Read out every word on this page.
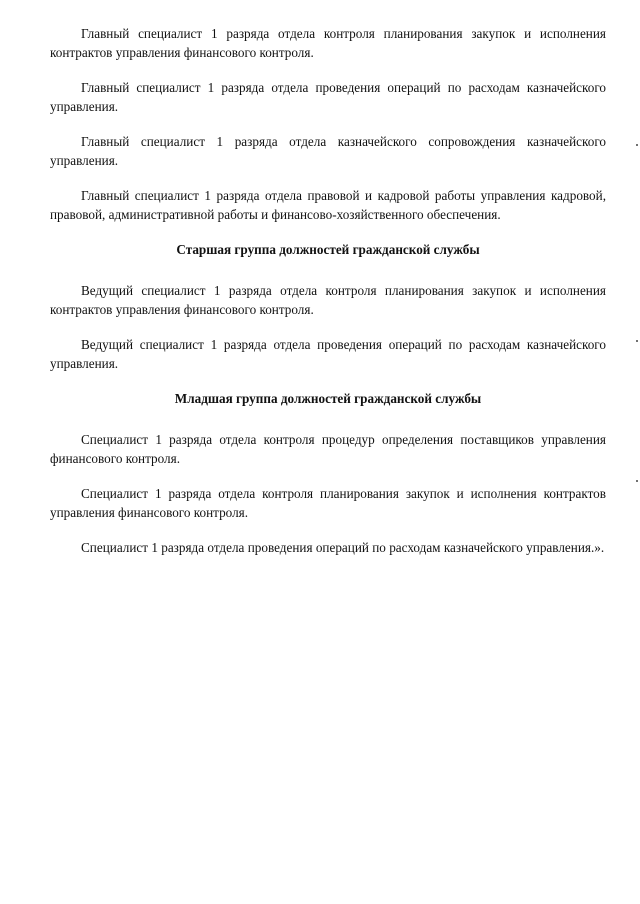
Главный специалист 1 разряда отдела контроля планирования закупок и исполнения контрактов управления финансового контроля.

Главный специалист 1 разряда отдела проведения операций по расходам казначейского управления.

Главный специалист 1 разряда отдела казначейского сопровождения казначейского управления.

Главный специалист 1 разряда отдела правовой и кадровой работы управления кадровой, правовой, административной работы и финансово-хозяйственного обеспечения.

Старшая группа должностей гражданской службы

Ведущий специалист 1 разряда отдела контроля планирования закупок и исполнения контрактов управления финансового контроля.

Ведущий специалист 1 разряда отдела проведения операций по расходам казначейского управления.

Младшая группа должностей гражданской службы

Специалист 1 разряда отдела контроля процедур определения поставщиков управления финансового контроля.

Специалист 1 разряда отдела контроля планирования закупок и исполнения контрактов управления финансового контроля.

Специалист 1 разряда отдела проведения операций по расходам казначейского управления.».
